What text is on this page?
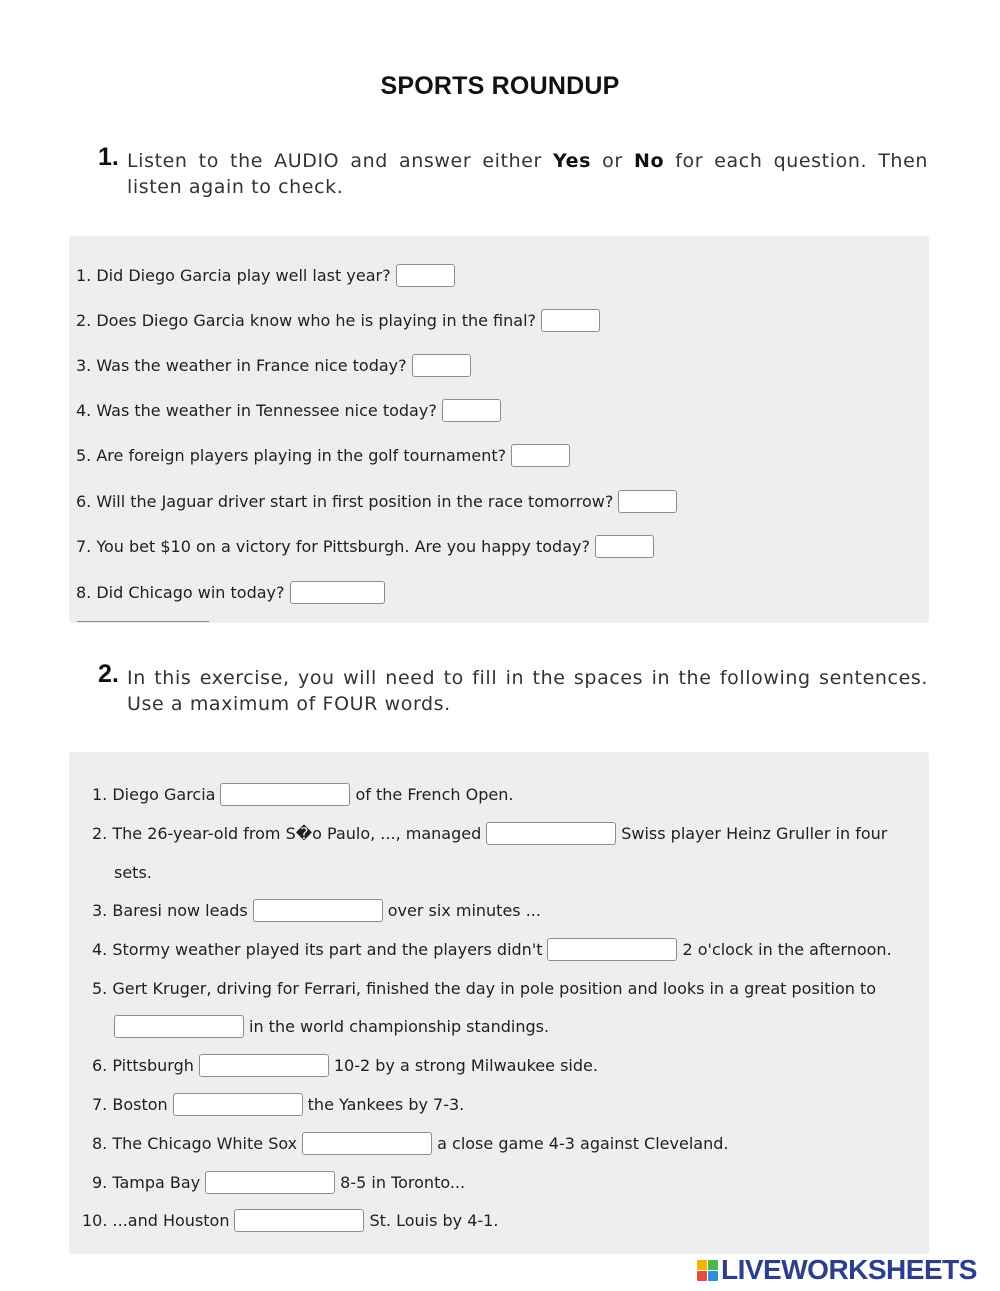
SPORTS ROUNDUP
1. Listen to the AUDIO and answer either Yes or No for each question. Then listen again to check.
1. Did Diego Garcia play well last year?
2. Does Diego Garcia know who he is playing in the final?
3. Was the weather in France nice today?
4. Was the weather in Tennessee nice today?
5. Are foreign players playing in the golf tournament?
6. Will the Jaguar driver start in first position in the race tomorrow?
7. You bet $10 on a victory for Pittsburgh. Are you happy today?
8. Did Chicago win today?
2. In this exercise, you will need to fill in the spaces in the following sentences. Use a maximum of FOUR words.
1. Diego Garcia	of the French Open.
2. The 26-year-old from S�o Paulo, ..., managed	Swiss player Heinz Gruller in four
sets.
3. Baresi now leads	over six minutes ...
4. Stormy weather played its part and the players didn't	2 o'clock in the afternoon.
5. Gert Kruger, driving for Ferrari, finished the day in pole position and looks in a great position to
in the world championship standings.
6. Pittsburgh	10-2 by a strong Milwaukee side.
7. Boston	the Yankees by 7-3.
8. The Chicago White Sox	a close game 4-3 against Cleveland.
9. Tampa Bay	8-5 in Toronto...
10. ...and Houston	St. Louis by 4-1.
LIVEWORKSHEETS
